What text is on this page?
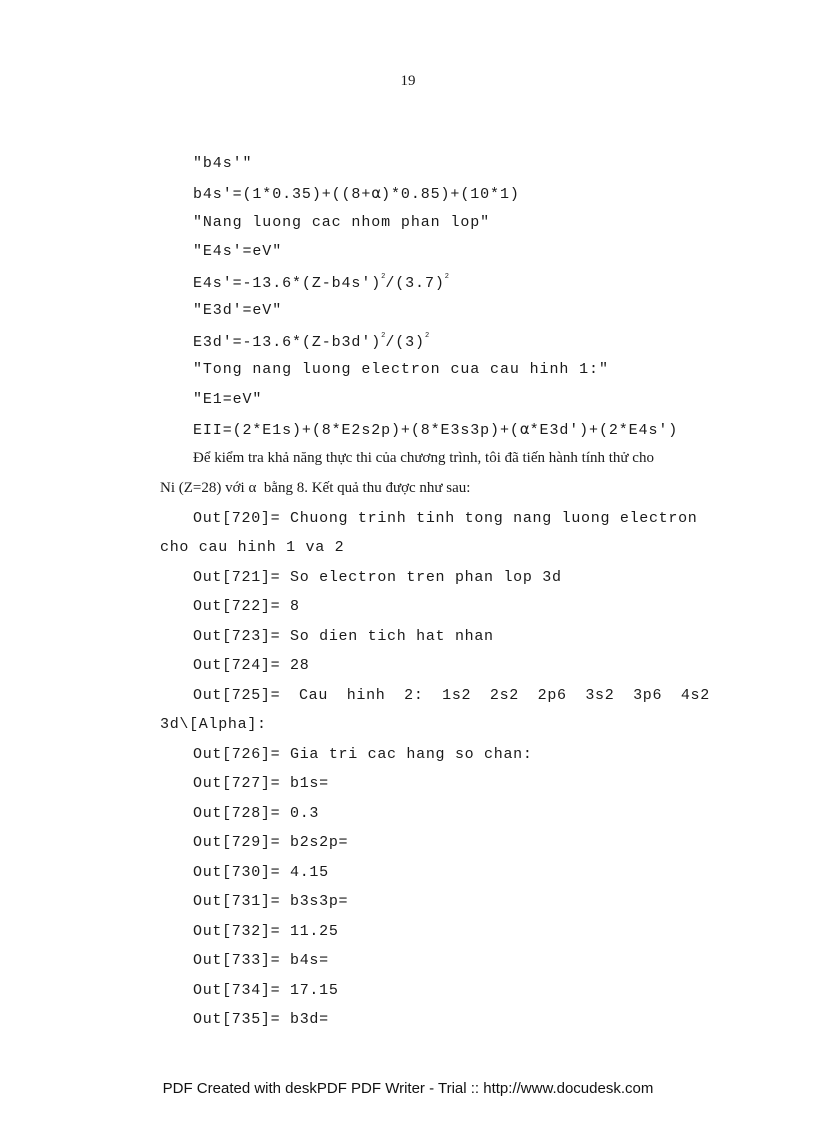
19
"b4s'"
b4s'=(1*0.35)+((8+α)*0.85)+(10*1)
"Nang luong cac nhom phan lop"
"E4s'=eV"
$E4s'=-13.6*(Z-b4s')^2/(3.7)^2$
"E3d'=eV"
$E3d'=-13.6*(Z-b3d')^2/(3)^2$
"Tong nang luong electron cua cau hinh 1:"
"E1=eV"
EII=(2*E1s)+(8*E2s2p)+(8*E3s3p)+(α*E3d')+(2*E4s')
Để kiểm tra khả năng thực thi của chương trình, tôi đã tiến hành tính thử cho
Ni (Z=28) với α  bằng 8. Kết quả thu được như sau:
Out[720]= Chuong trinh tinh tong nang luong electron
cho cau hinh 1 va 2
Out[721]= So electron tren phan lop 3d
Out[722]= 8
Out[723]= So dien tich hat nhan
Out[724]= 28
Out[725]= Cau hinh 2: 1s2 2s2 2p6 3s2 3p6 4s2
3d\[Alpha]:
Out[726]= Gia tri cac hang so chan:
Out[727]= b1s=
Out[728]= 0.3
Out[729]= b2s2p=
Out[730]= 4.15
Out[731]= b3s3p=
Out[732]= 11.25
Out[733]= b4s=
Out[734]= 17.15
Out[735]= b3d=
PDF Created with deskPDF PDF Writer - Trial :: http://www.docudesk.com
